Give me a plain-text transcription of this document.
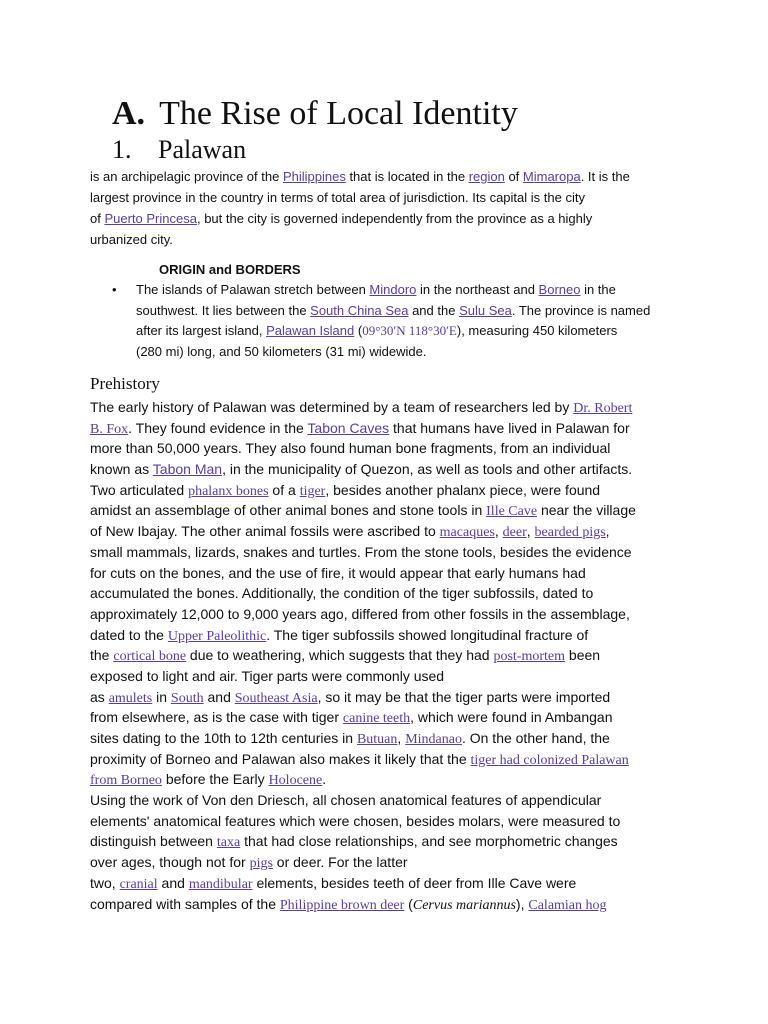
A. The Rise of Local Identity
1. Palawan
is an archipelagic province of the Philippines that is located in the region of Mimaropa. It is the
largest province in the country in terms of total area of jurisdiction. Its capital is the city
of Puerto Princesa, but the city is governed independently from the province as a highly
urbanized city.
ORIGIN and BORDERS
•	The islands of Palawan stretch between Mindoro in the northeast and Borneo in the
southwest. It lies between the South China Sea and the Sulu Sea. The province is named
after its largest island, Palawan Island (09°30′N 118°30′E), measuring 450 kilometers
(280 mi) long, and 50 kilometers (31 mi) widewide.
Prehistory
The early history of Palawan was determined by a team of researchers led by Dr. Robert
B. Fox. They found evidence in the Tabon Caves that humans have lived in Palawan for
more than 50,000 years. They also found human bone fragments, from an individual
known as Tabon Man, in the municipality of Quezon, as well as tools and other artifacts.
Two articulated phalanx bones of a tiger, besides another phalanx piece, were found
amidst an assemblage of other animal bones and stone tools in Ille Cave near the village
of New Ibajay. The other animal fossils were ascribed to macaques, deer, bearded pigs,
small mammals, lizards, snakes and turtles. From the stone tools, besides the evidence
for cuts on the bones, and the use of fire, it would appear that early humans had
accumulated the bones. Additionally, the condition of the tiger subfossils, dated to
approximately 12,000 to 9,000 years ago, differed from other fossils in the assemblage,
dated to the Upper Paleolithic. The tiger subfossils showed longitudinal fracture of
the cortical bone due to weathering, which suggests that they had post-mortem been
exposed to light and air. Tiger parts were commonly used
as amulets in South and Southeast Asia, so it may be that the tiger parts were imported
from elsewhere, as is the case with tiger canine teeth, which were found in Ambangan
sites dating to the 10th to 12th centuries in Butuan, Mindanao. On the other hand, the
proximity of Borneo and Palawan also makes it likely that the tiger had colonized Palawan
from Borneo before the Early Holocene.
Using the work of Von den Driesch, all chosen anatomical features of appendicular
elements' anatomical features which were chosen, besides molars, were measured to
distinguish between taxa that had close relationships, and see morphometric changes
over ages, though not for pigs or deer. For the latter
two, cranial and mandibular elements, besides teeth of deer from Ille Cave were
compared with samples of the Philippine brown deer (Cervus mariannus), Calamian hog
